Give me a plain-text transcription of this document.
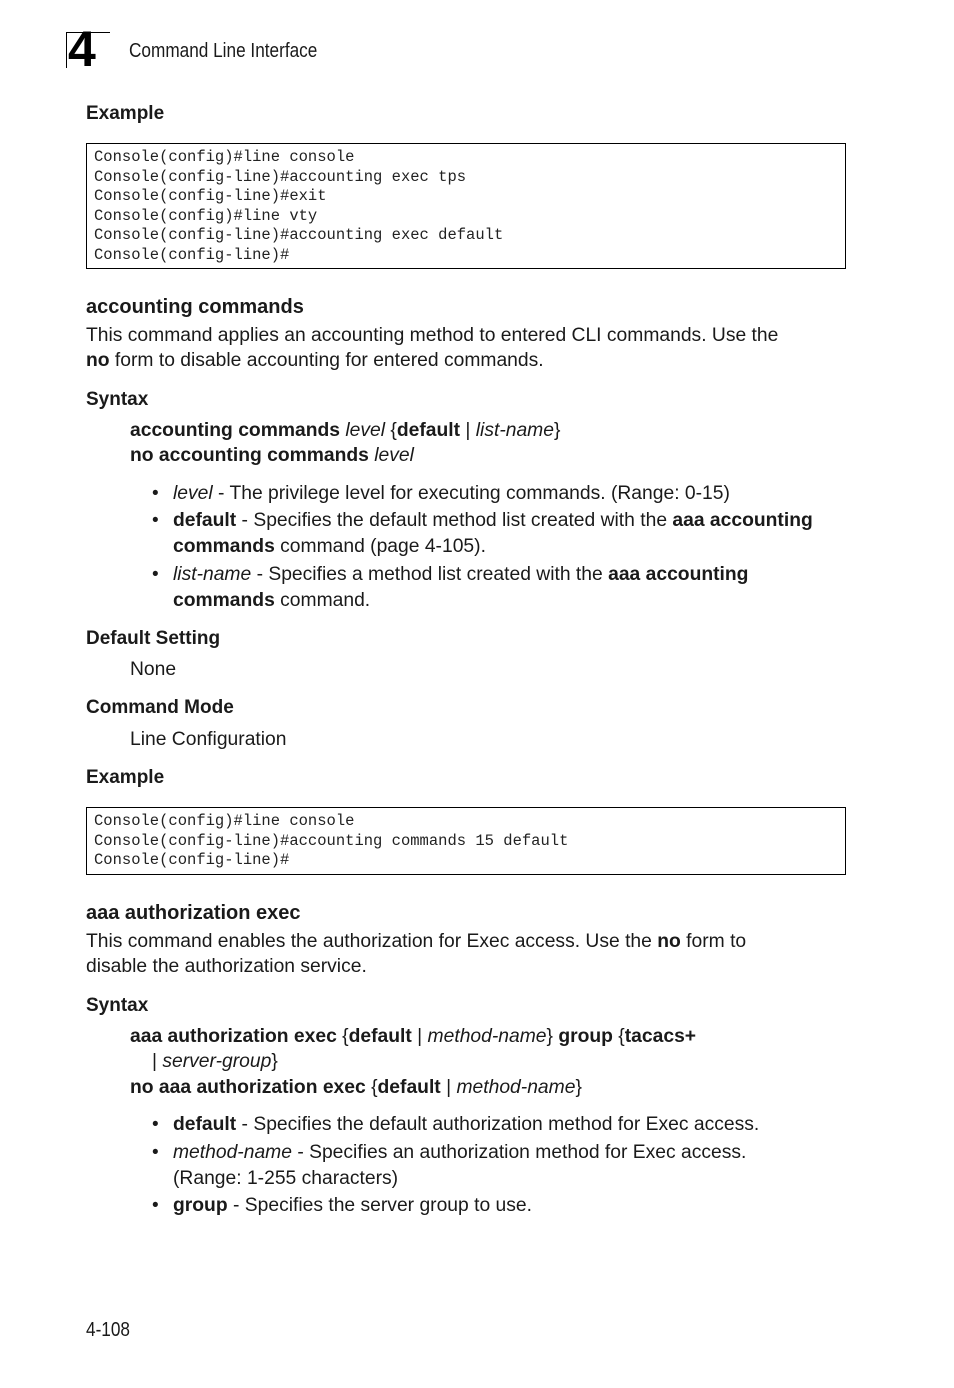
4 Command Line Interface
Example
Console(config)#line console
Console(config-line)#accounting exec tps
Console(config-line)#exit
Console(config)#line vty
Console(config-line)#accounting exec default
Console(config-line)#
accounting commands
This command applies an accounting method to entered CLI commands. Use the
no form to disable accounting for entered commands.
Syntax
accounting commands level {default | list-name}
no accounting commands level
• level - The privilege level for executing commands. (Range: 0-15)
• default - Specifies the default method list created with the aaa accounting
commands command (page 4-105).
• list-name - Specifies a method list created with the aaa accounting
commands command.
Default Setting
None
Command Mode
Line Configuration
Example
Console(config)#line console
Console(config-line)#accounting commands 15 default
Console(config-line)#
aaa authorization exec
This command enables the authorization for Exec access. Use the no form to
disable the authorization service.
Syntax
aaa authorization exec {default | method-name} group {tacacs+
| server-group}
no aaa authorization exec {default | method-name}
• default - Specifies the default authorization method for Exec access.
• method-name - Specifies an authorization method for Exec access.
(Range: 1-255 characters)
• group - Specifies the server group to use.
4-108
